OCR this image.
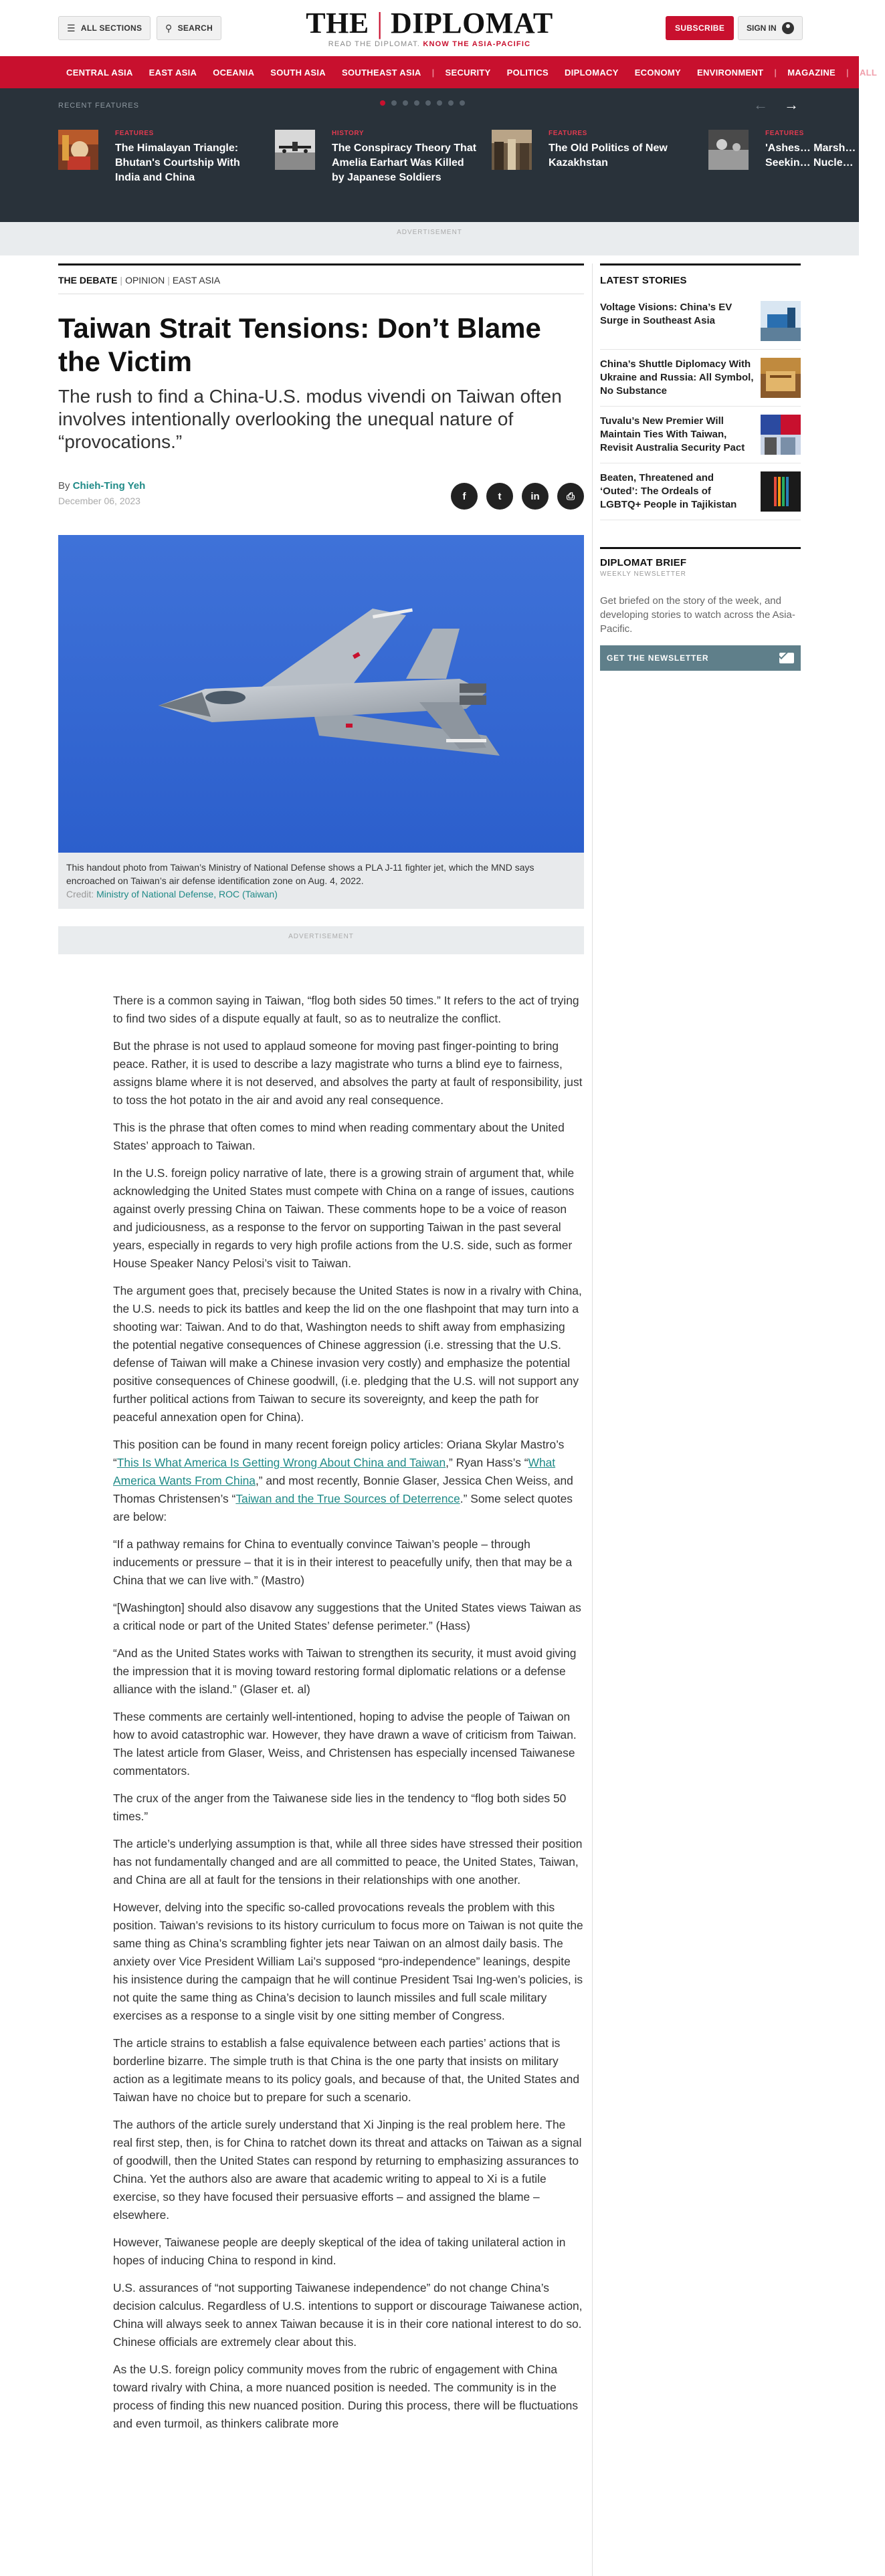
☰ ALL SECTIONS ⚲ SEARCH	THE | DIPLOMAT
READ THE DIPLOMAT. KNOW THE ASIA-PACIFIC
SUBSCRIBE	SIGN IN
CENTRAL ASIA	EAST ASIA	OCEANIA	SOUTH ASIA	SOUTHEAST ASIA	|	SECURITY	POLITICS	DIPLOMACY	ECONOMY	ENVIRONMENT	|	MAGAZINE	|	ALL
RECENT FEATURES	← →
FEATURES
The Himalayan Triangle: Bhutan's Courtship With India and China
HISTORY
The Conspiracy Theory That Amelia Earhart Was Killed by Japanese Soldiers
FEATURES
The Old Politics of New Kazakhstan
FEATURES
'Ashes… Marsh… Seekin… Nucle…
ADVERTISEMENT
THE DEBATE | OPINION | EAST ASIA
Taiwan Strait Tensions: Don’t Blame the Victim
The rush to find a China-U.S. modus vivendi on Taiwan often involves intentionally overlooking the unequal nature of “provocations.”
By Chieh-Ting Yeh
December 06, 2023	f	t	in	⎙
This handout photo from Taiwan’s Ministry of National Defense shows a PLA J-11 fighter jet, which the MND says encroached on Taiwan’s air defense identification zone on Aug. 4, 2022.
Credit: Ministry of National Defense, ROC (Taiwan)
ADVERTISEMENT

There is a common saying in Taiwan, “flog both sides 50 times.” It refers to the act of trying to find two sides of a dispute equally at fault, so as to neutralize the conflict.

But the phrase is not used to applaud someone for moving past finger-pointing to bring peace. Rather, it is used to describe a lazy magistrate who turns a blind eye to fairness, assigns blame where it is not deserved, and absolves the party at fault of responsibility, just to toss the hot potato in the air and avoid any real consequence.

This is the phrase that often comes to mind when reading commentary about the United States’ approach to Taiwan.

In the U.S. foreign policy narrative of late, there is a growing strain of argument that, while acknowledging the United States must compete with China on a range of issues, cautions against overly pressing China on Taiwan. These comments hope to be a voice of reason and judiciousness, as a response to the fervor on supporting Taiwan in the past several years, especially in regards to very high profile actions from the U.S. side, such as former House Speaker Nancy Pelosi’s visit to Taiwan.

The argument goes that, precisely because the United States is now in a rivalry with China, the U.S. needs to pick its battles and keep the lid on the one flashpoint that may turn into a shooting war: Taiwan. And to do that, Washington needs to shift away from emphasizing the potential negative consequences of Chinese aggression (i.e. stressing that the U.S. defense of Taiwan will make a Chinese invasion very costly) and emphasize the potential positive consequences of Chinese goodwill, (i.e. pledging that the U.S. will not support any further political actions from Taiwan to secure its sovereignty, and keep the path for peaceful annexation open for China).

This position can be found in many recent foreign policy articles: Oriana Skylar Mastro’s “This Is What America Is Getting Wrong About China and Taiwan,” Ryan Hass’s “What America Wants From China,” and most recently, Bonnie Glaser, Jessica Chen Weiss, and Thomas Christensen’s “Taiwan and the True Sources of Deterrence.” Some select quotes are below:

“If a pathway remains for China to eventually convince Taiwan’s people – through inducements or pressure – that it is in their interest to peacefully unify, then that may be a China that we can live with.” (Mastro)

“[Washington] should also disavow any suggestions that the United States views Taiwan as a critical node or part of the United States’ defense perimeter.” (Hass)

“And as the United States works with Taiwan to strengthen its security, it must avoid giving the impression that it is moving toward restoring formal diplomatic relations or a defense alliance with the island.” (Glaser et. al)

These comments are certainly well-intentioned, hoping to advise the people of Taiwan on how to avoid catastrophic war. However, they have drawn a wave of criticism from Taiwan. The latest article from Glaser, Weiss, and Christensen has especially incensed Taiwanese commentators.

The crux of the anger from the Taiwanese side lies in the tendency to “flog both sides 50 times.”

The article’s underlying assumption is that, while all three sides have stressed their position has not fundamentally changed and are all committed to peace, the United States, Taiwan, and China are all at fault for the tensions in their relationships with one another.

However, delving into the specific so-called provocations reveals the problem with this position. Taiwan’s revisions to its history curriculum to focus more on Taiwan is not quite the same thing as China’s scrambling fighter jets near Taiwan on an almost daily basis. The anxiety over Vice President William Lai’s supposed “pro-independence” leanings, despite his insistence during the campaign that he will continue President Tsai Ing-wen’s policies, is not quite the same thing as China’s decision to launch missiles and full scale military exercises as a response to a single visit by one sitting member of Congress.

The article strains to establish a false equivalence between each parties’ actions that is borderline bizarre. The simple truth is that China is the one party that insists on military action as a legitimate means to its policy goals, and because of that, the United States and Taiwan have no choice but to prepare for such a scenario.

The authors of the article surely understand that Xi Jinping is the real problem here. The real first step, then, is for China to ratchet down its threat and attacks on Taiwan as a signal of goodwill, then the United States can respond by returning to emphasizing assurances to China. Yet the authors also are aware that academic writing to appeal to Xi is a futile exercise, so they have focused their persuasive efforts – and assigned the blame – elsewhere.

However, Taiwanese people are deeply skeptical of the idea of taking unilateral action in hopes of inducing China to respond in kind.

U.S. assurances of “not supporting Taiwanese independence” do not change China’s decision calculus. Regardless of U.S. intentions to support or discourage Taiwanese action, China will always seek to annex Taiwan because it is in their core national interest to do so. Chinese officials are extremely clear about this.

As the U.S. foreign policy community moves from the rubric of engagement with China toward rivalry with China, a more nuanced position is needed. The community is in the process of finding this new nuanced position. During this process, there will be fluctuations and even turmoil, as thinkers calibrate more

LATEST STORIES
Voltage Visions: China’s EV Surge in Southeast Asia
China’s Shuttle Diplomacy With Ukraine and Russia: All Symbol, No Substance
Tuvalu’s New Premier Will Maintain Ties With Taiwan, Revisit Australia Security Pact
Beaten, Threatened and ‘Outed’: The Ordeals of LGBTQ+ People in Tajikistan
DIPLOMAT BRIEF
WEEKLY NEWSLETTER
Get briefed on the story of the week, and developing stories to watch across the Asia-Pacific.
GET THE NEWSLETTER
